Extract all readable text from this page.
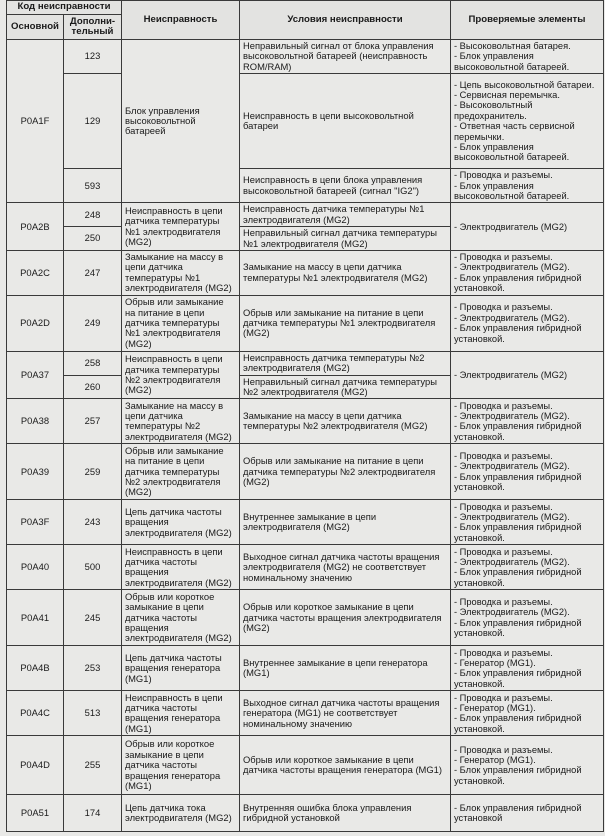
Код неисправности		Неисправность	Условия неисправности	Проверяемые элементы
Основной	Дополни-
тельный			

P0A1F	123	Блок управления высоковольтной батареей	Неправильный сигнал от блока управления высоковольтной батареей (неисправность ROM/RAM)	- Высоковольтная батарея.
- Блок управления высоковольтной батареей.

	129		Неисправность в цепи высоковольтной батареи	- Цепь высоковольтной батареи.
- Сервисная перемычка.
- Высоковольтный предохранитель.
- Ответная часть сервисной перемычки.
- Блок управления высоковольтной батареей.

	593		Неисправность в цепи блока управления высоковольтной батареей (сигнал "IG2")	- Проводка и разъемы.
- Блок управления высоковольтной батареей.

P0A2B	248	Неисправность в цепи датчика температуры №1 электродвигателя (MG2)	Неисправность датчика температуры №1 электродвигателя (MG2)	- Электродвигатель (MG2)

	250		Неправильный сигнал датчика температуры №1 электродвигателя (MG2)	
P0A2C	247	Замыкание на массу в цепи датчика температуры №1 электродвигателя (MG2)	Замыкание на массу в цепи датчика температуры №1 электродвигателя (MG2)	- Проводка и разъемы.
- Электродвигатель (MG2).
- Блок управления гибридной установкой.

P0A2D	249	Обрыв или замыкание на питание в цепи датчика температуры №1 электродвигателя (MG2)	Обрыв или замыкание на питание в цепи датчика температуры №1 электродвигателя (MG2)	- Проводка и разъемы.
- Электродвигатель (MG2).
- Блок управления гибридной установкой.

P0A37	258	Неисправность в цепи датчика температуры №2 электродвигателя (MG2)	Неисправность датчика температуры №2 электродвигателя (MG2)	- Электродвигатель (MG2)

	260		Неправильный сигнал датчика температуры №2 электродвигателя (MG2)	
P0A38	257	Замыкание на массу в цепи датчика температуры №2 электродвигателя (MG2)	Замыкание на массу в цепи датчика температуры №2 электродвигателя (MG2)	- Проводка и разъемы.
- Электродвигатель (MG2).
- Блок управления гибридной установкой.

P0A39	259	Обрыв или замыкание на питание в цепи датчика температуры №2 электродвигателя (MG2)	Обрыв или замыкание на питание в цепи датчика температуры №2 электродвигателя (MG2)	- Проводка и разъемы.
- Электродвигатель (MG2).
- Блок управления гибридной установкой.

P0A3F	243	Цепь датчика частоты вращения электродвигателя (MG2)	Внутреннее замыкание в цепи электродвигателя (MG2)	- Проводка и разъемы.
- Электродвигатель (MG2).
- Блок управления гибридной установкой.

P0A40	500	Неисправность в цепи датчика частоты вращения электродвигателя (MG2)	Выходное сигнал датчика частоты вращения электродвигателя (MG2) не соответствует номинальному значению	- Проводка и разъемы.
- Электродвигатель (MG2).
- Блок управления гибридной установкой.

P0A41	245	Обрыв или короткое замыкание в цепи датчика частоты вращения электродвигателя (MG2)	Обрыв или короткое замыкание в цепи датчика частоты вращения электродвигателя (MG2)	- Проводка и разъемы.
- Электродвигатель (MG2).
- Блок управления гибридной установкой.

P0A4B	253	Цепь датчика частоты вращения генератора (MG1)	Внутреннее замыкание в цепи генератора (MG1)	- Проводка и разъемы.
- Генератор (MG1).
- Блок управления гибридной установкой.

P0A4C	513	Неисправность в цепи датчика частоты вращения генератора (MG1)	Выходное сигнал датчика частоты вращения генератора (MG1) не соответствует номинальному значению	- Проводка и разъемы.
- Генератор (MG1).
- Блок управления гибридной установкой.

P0A4D	255	Обрыв или короткое замыкание в цепи датчика частоты вращения генератора (MG1)	Обрыв или короткое замыкание в цепи датчика частоты вращения генератора (MG1)	- Проводка и разъемы.
- Генератор (MG1).
- Блок управления гибридной установкой.

P0A51	174	Цепь датчика тока электродвигателя (MG2)	Внутренняя ошибка блока управления гибридной установкой	- Блок управления гибридной установкой
